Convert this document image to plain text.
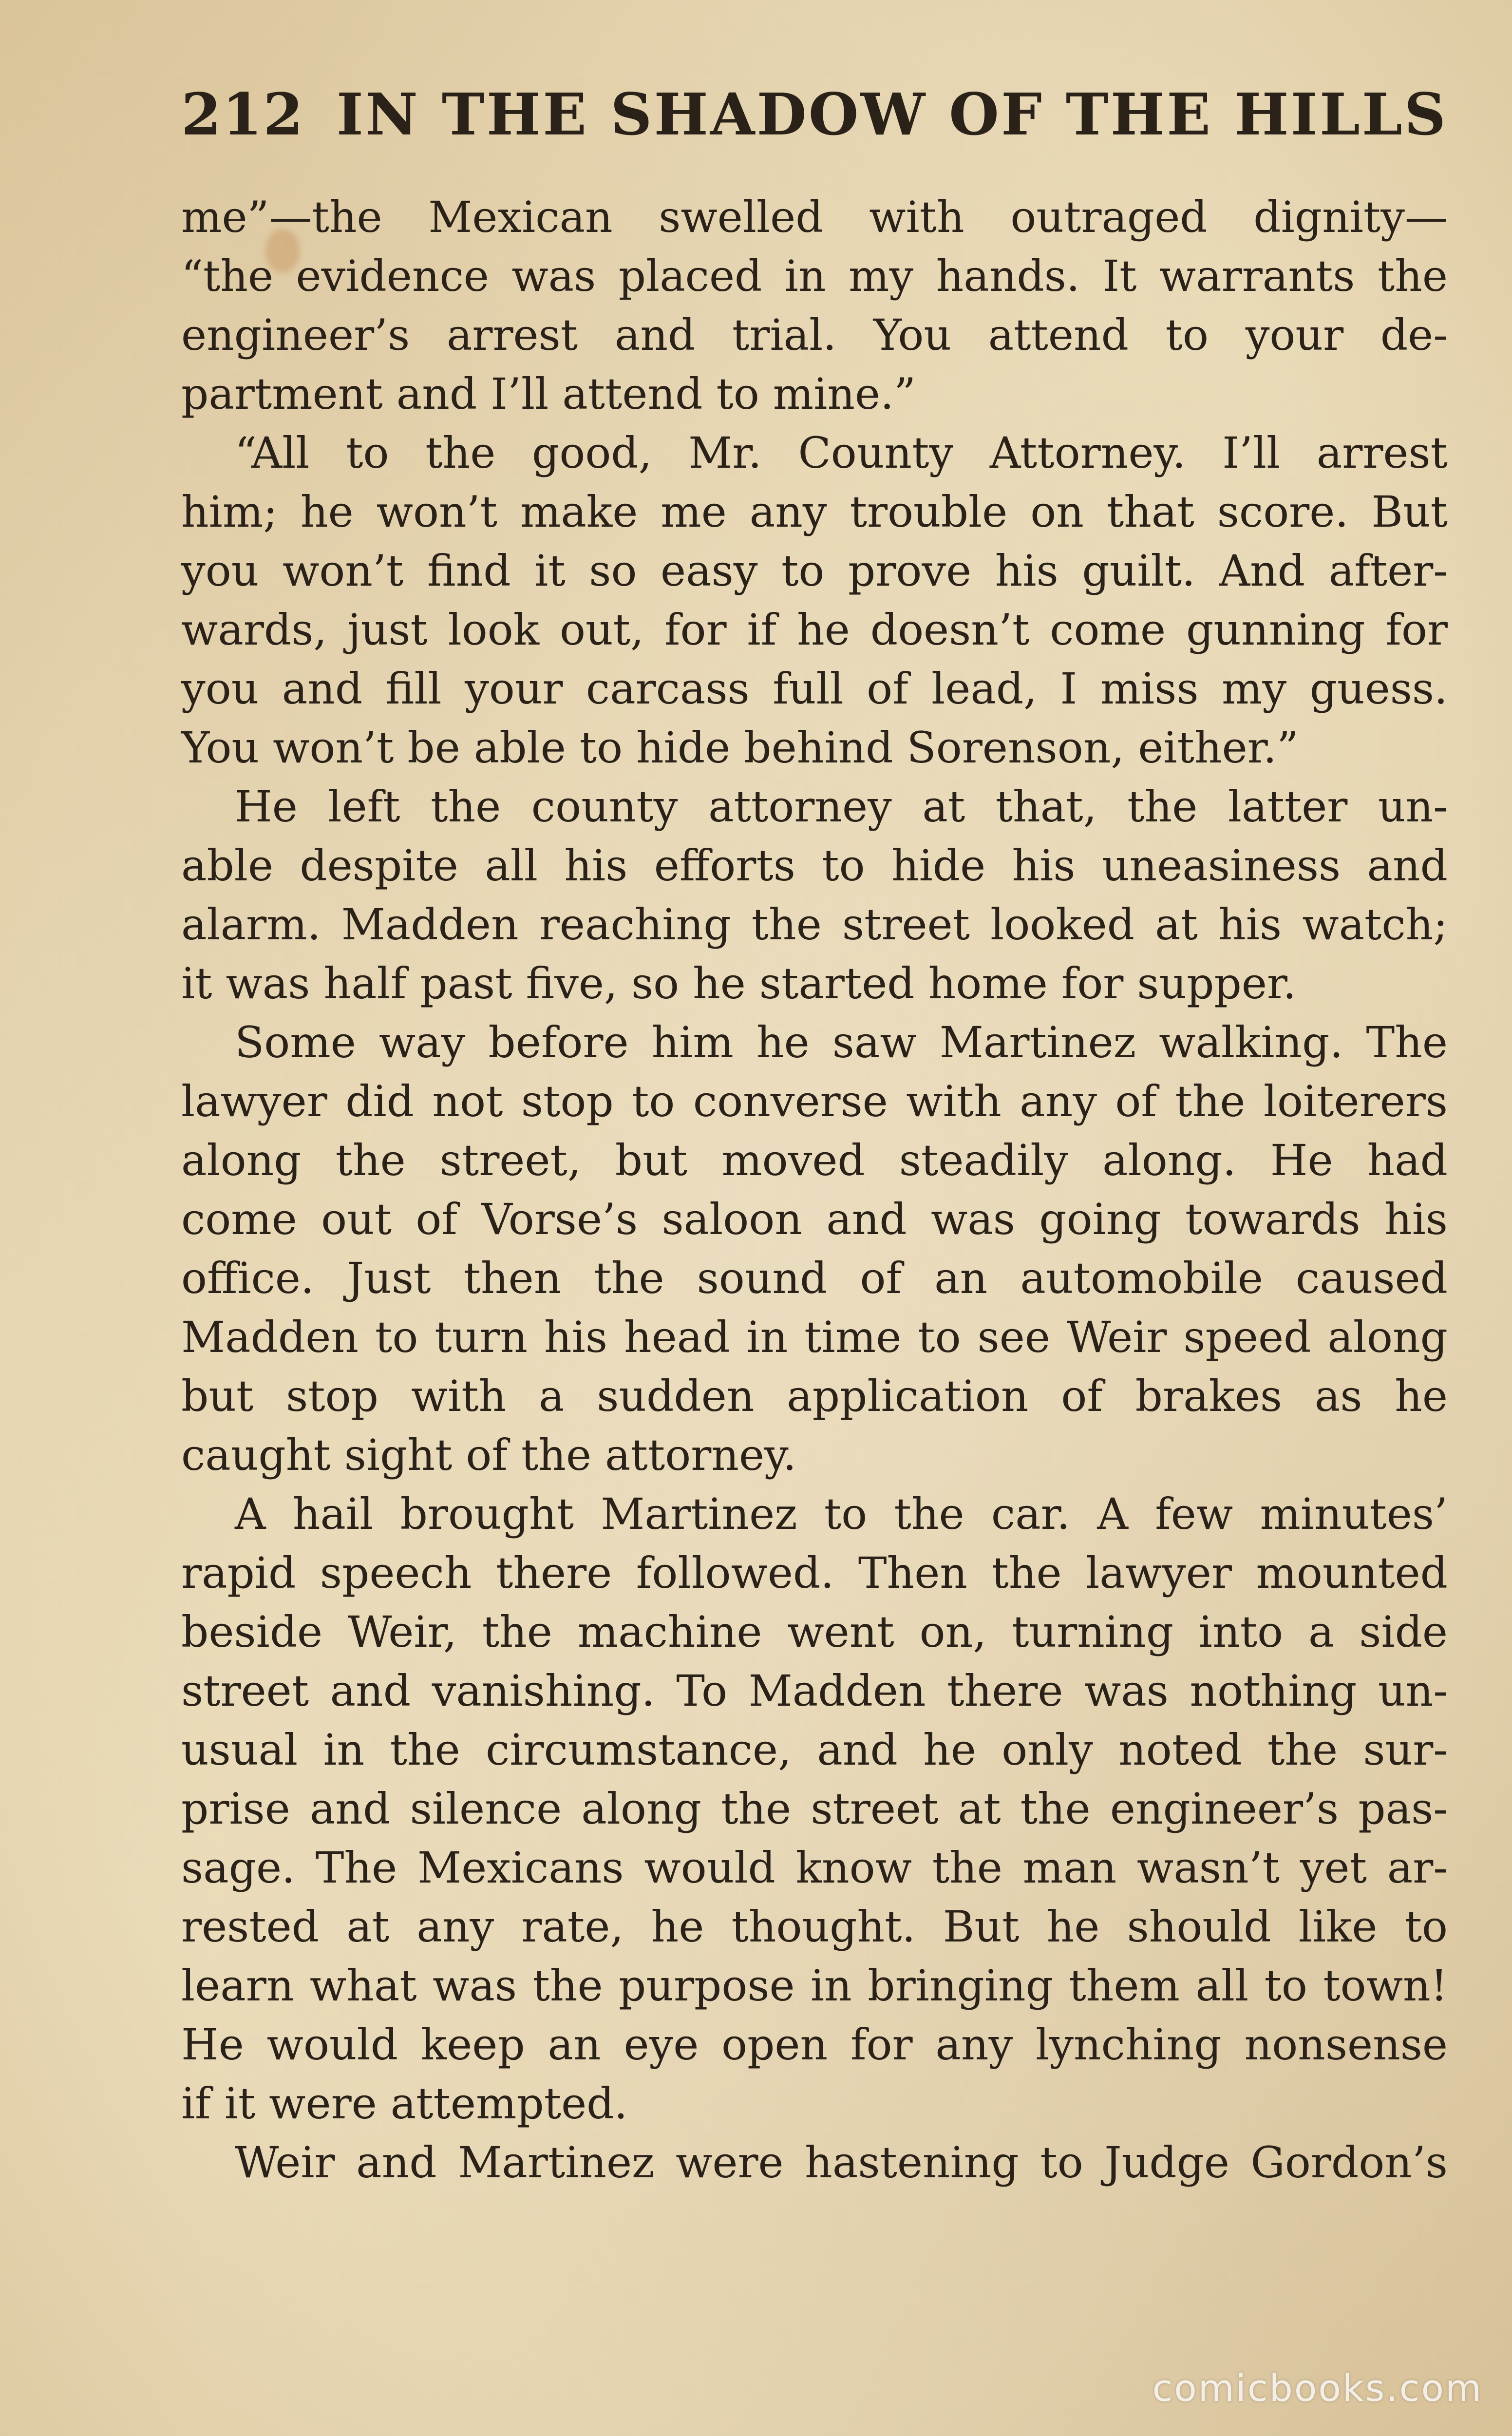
212 IN THE SHADOW OF THE HILLS
me”—the Mexican swelled with outraged dignity—
“the evidence was placed in my hands. It warrants the
engineer’s arrest and trial. You attend to your de-
partment and I’ll attend to mine.”
“All to the good, Mr. County Attorney. I’ll arrest
him; he won’t make me any trouble on that score. But
you won’t find it so easy to prove his guilt. And after-
wards, just look out, for if he doesn’t come gunning for
you and fill your carcass full of lead, I miss my guess.
You won’t be able to hide behind Sorenson, either.”
He left the county attorney at that, the latter un-
able despite all his efforts to hide his uneasiness and
alarm. Madden reaching the street looked at his watch;
it was half past five, so he started home for supper.
Some way before him he saw Martinez walking. The
lawyer did not stop to converse with any of the loiterers
along the street, but moved steadily along. He had
come out of Vorse’s saloon and was going towards his
office. Just then the sound of an automobile caused
Madden to turn his head in time to see Weir speed along
but stop with a sudden application of brakes as he
caught sight of the attorney.
A hail brought Martinez to the car. A few minutes’
rapid speech there followed. Then the lawyer mounted
beside Weir, the machine went on, turning into a side
street and vanishing. To Madden there was nothing un-
usual in the circumstance, and he only noted the sur-
prise and silence along the street at the engineer’s pas-
sage. The Mexicans would know the man wasn’t yet ar-
rested at any rate, he thought. But he should like to
learn what was the purpose in bringing them all to town!
He would keep an eye open for any lynching nonsense
if it were attempted.
Weir and Martinez were hastening to Judge Gordon’s
comicbooks.com
